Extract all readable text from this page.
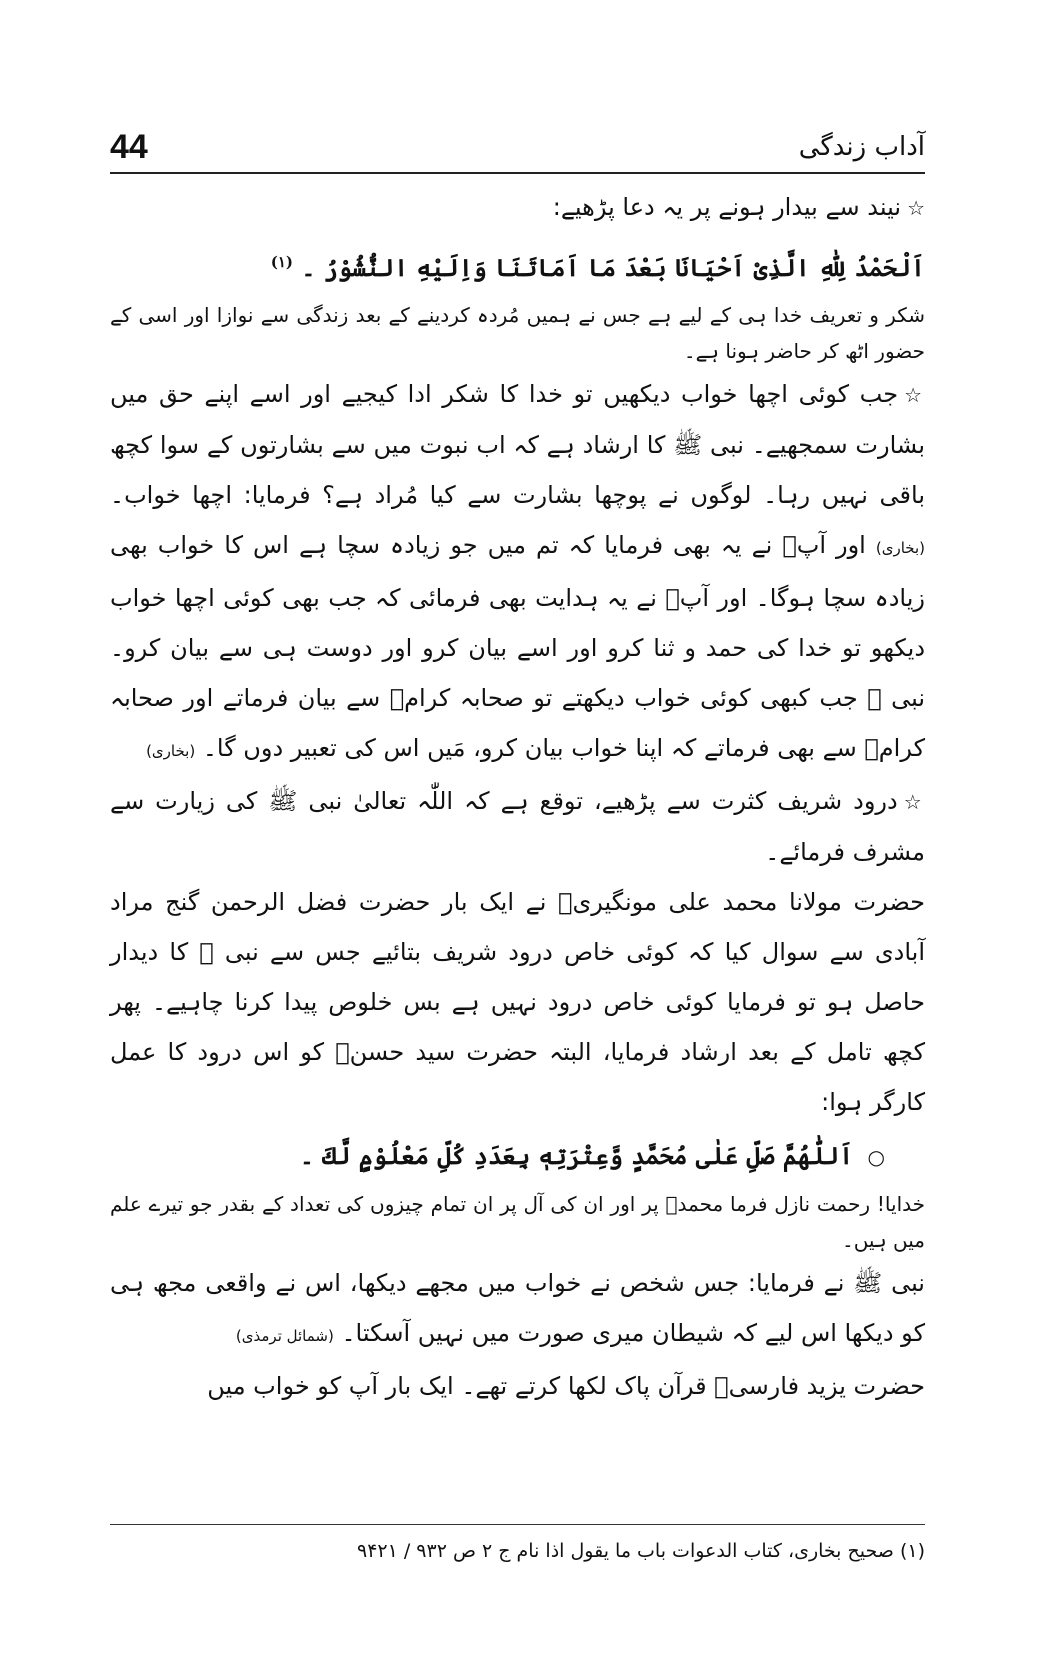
44	آداب زندگی

☆نیند سے بیدار ہونے پر یہ دعا پڑھیے:

اَلْحَمْدُ لِلّٰهِ الَّذِیْ اَحْیَانَا بَعْدَ مَا اَمَاتَنَا وَاِلَیْهِ النُّشُوْرُ ۔ $^{(۱)}$

شکر و تعریف خدا ہی کے لیے ہے جس نے ہمیں مُردہ کردینے کے بعد زندگی سے نوازا اور اسی کے حضور اٹھ کر حاضر ہونا ہے۔

☆جب کوئی اچھا خواب دیکھیں تو خدا کا شکر ادا کیجیے اور اسے اپنے حق میں بشارت سمجھیے۔ نبی ﷺ کا ارشاد ہے کہ اب نبوت میں سے بشارتوں کے سوا کچھ باقی نہیں رہا۔ لوگوں نے پوچھا بشارت سے کیا مُراد ہے؟ فرمایا: اچھا خواب۔ (بخاری) اور آپؐ نے یہ بھی فرمایا کہ تم میں جو زیادہ سچا ہے اس کا خواب بھی زیادہ سچا ہوگا۔ اور آپؐ نے یہ ہدایت بھی فرمائی کہ جب بھی کوئی اچھا خواب دیکھو تو خدا کی حمد و ثنا کرو اور اسے بیان کرو اور دوست ہی سے بیان کرو۔ نبی ﷺ جب کبھی کوئی خواب دیکھتے تو صحابہ کرامؓ سے بیان فرماتے اور صحابہ کرامؓ سے بھی فرماتے کہ اپنا خواب بیان کرو، مَیں اس کی تعبیر دوں گا۔ (بخاری)

☆درود شریف کثرت سے پڑھیے، توقع ہے کہ اللّٰہ تعالیٰ نبی ﷺ کی زیارت سے مشرف فرمائے۔

حضرت مولانا محمد علی مونگیریؒ نے ایک بار حضرت فضل الرحمن گنج مراد آبادی سے سوال کیا کہ کوئی خاص درود شریف بتائیے جس سے نبی ﷺ کا دیدار حاصل ہو تو فرمایا کوئی خاص درود نہیں ہے بس خلوص پیدا کرنا چاہیے۔ پھر کچھ تامل کے بعد ارشاد فرمایا، البتہ حضرت سید حسنؒ کو اس درود کا عمل کارگر ہوا:

○ اَللّٰهُمَّ صَلِّ عَلٰی مُحَمَّدٍ وَّعِتْرَتِهٖ بِعَدَدِ كُلِّ مَعْلُوْمٍ لَّكَ ۔

خدایا! رحمت نازل فرما محمدؐ پر اور ان کی آل پر ان تمام چیزوں کی تعداد کے بقدر جو تیرے علم میں ہیں۔

نبی ﷺ نے فرمایا: جس شخص نے خواب میں مجھے دیکھا، اس نے واقعی مجھ ہی کو دیکھا اس لیے کہ شیطان میری صورت میں نہیں آسکتا۔ (شمائل ترمذی)

حضرت یزید فارسیؒ قرآن پاک لکھا کرتے تھے۔ ایک بار آپ کو خواب میں

(۱) صحیح بخاری، کتاب الدعوات باب ما یقول اذا نام ج ۲ ص ۹۳۲ / ۹۴۲۱
